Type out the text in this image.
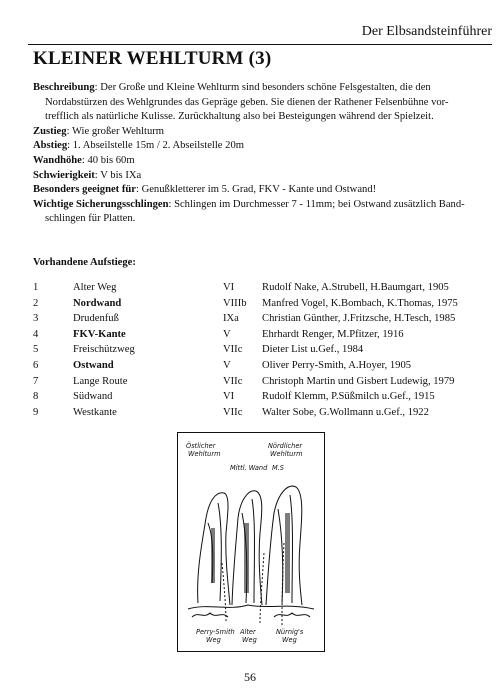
Der Elbsandsteinführer
KLEINER WEHLTURM (3)

Beschreibung: Der Große und Kleine Wehlturm sind besonders schöne Felsgestalten, die den

Nordabstürzen des Wehlgrundes das Gepräge geben. Sie dienen der Rathener Felsenbühne vor-

trefflich als natürliche Kulisse. Zurückhaltung also bei Besteigungen während der Spielzeit.

Zustieg: Wie großer Wehlturm

Abstieg: 1. Abseilstelle 15m / 2. Abseilstelle 20m

Wandhöhe: 40 bis 60m

Schwierigkeit: V bis IXa

Besonders geeignet für: Genußkletterer im 5. Grad, FKV - Kante und Ostwand!

Wichtige Sicherungsschlingen: Schlingen im Durchmesser 7 - 11mm; bei Ostwand zusätzlich Band-

schlingen für Platten.

Vorhandene Aufstiege:
1	Alter Weg	VI	Rudolf Nake, A.Strubell, H.Baumgart, 1905
2	Nordwand	VIIIb Manfred Vogel, K.Bombach, K.Thomas, 1975
3	Drudenfuß	IXa Christian Günther, J.Fritzsche, H.Tesch, 1985
4	FKV-Kante	V	Ehrhardt Renger, M.Pfitzer, 1916
5	Freischützweg	VIIc Dieter List u.Gef., 1984
6	Ostwand	V	Oliver Perry-Smith, A.Hoyer, 1905
7	Lange Route	VIIc Christoph Martin und Gisbert Ludewig, 1979
8	Südwand	VI	Rudolf Klemm, P.Süßmilch u.Gef., 1915
9	Westkante	VIIc Walter Sobe, G.Wollmann u.Gef., 1922
Östlicher
Wehlturm
Nördlicher
Wehlturm
Mittl. Wand M.S
Perry-Smith
Weg
Alter
Weg
Nürnig's
Weg
56
